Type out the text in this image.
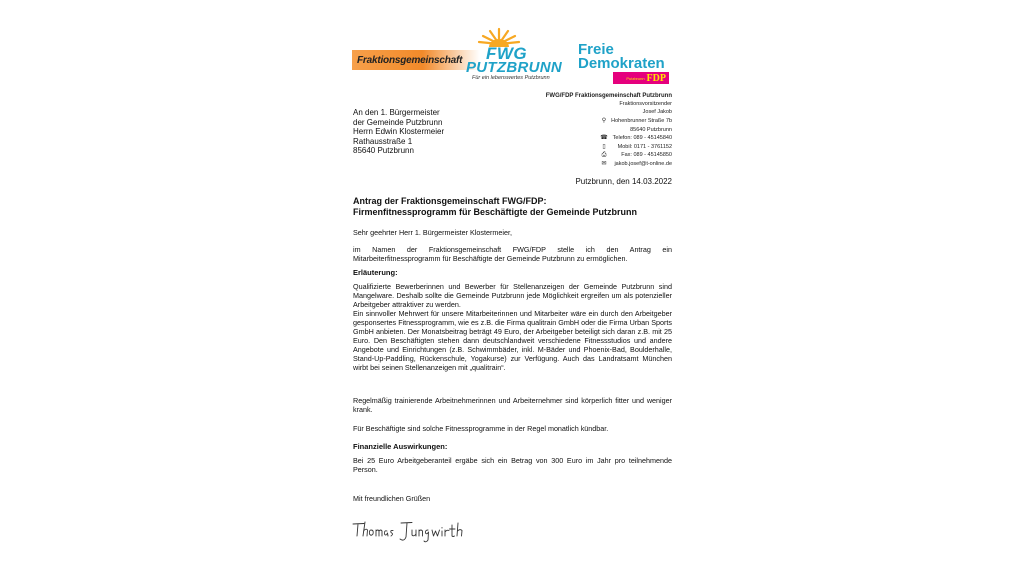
Fraktionsgemeinschaft FWG
PUTZBRUNN
Für ein lebenswertes Putzbrunn
Freie
Demokraten
Putzbrunn FDP
FWG/FDP Fraktionsgemeinschaft Putzbrunn
Fraktionsvorsitzender
Josef Jakob
⚲ Hohenbrunner Straße 7b
85640 Putzbrunn
☎ Telefon: 089 - 45145840
▯	Mobil: 0171 - 3761152
⎙	Fax: 089 - 45145850
✉	jakob.josef@t-online.de
An den 1. Bürgermeister
der Gemeinde Putzbrunn
Herrn Edwin Klostermeier
Rathausstraße 1
85640 Putzbrunn
Putzbrunn, den 14.03.2022
Antrag der Fraktionsgemeinschaft FWG/FDP:
Firmenfitnessprogramm für Beschäftigte der Gemeinde Putzbrunn
Sehr geehrter Herr 1. Bürgermeister Klostermeier,
im Namen der Fraktionsgemeinschaft FWG/FDP stelle ich den Antrag ein Mitarbeiterfitnessprogramm für Beschäftigte der Gemeinde Putzbrunn zu ermöglichen.
Erläuterung:
Qualifizierte Bewerberinnen und Bewerber für Stellenanzeigen der Gemeinde Putzbrunn sind Mangelware. Deshalb sollte die Gemeinde Putzbrunn jede Möglichkeit ergreifen um als potenzieller Arbeitgeber attraktiver zu werden.
Ein sinnvoller Mehrwert für unsere Mitarbeiterinnen und Mitarbeiter wäre ein durch den Arbeitgeber gesponsertes Fitnessprogramm, wie es z.B. die Firma qualitrain GmbH oder die Firma Urban Sports GmbH anbieten. Der Monatsbeitrag beträgt 49 Euro, der Arbeitgeber beteiligt sich daran z.B. mit 25 Euro. Den Beschäftigten stehen dann deutschlandweit verschiedene Fitnessstudios und andere Angebote und Einrichtungen (z.B. Schwimmbäder, inkl. M-Bäder und Phoenix-Bad, Boulderhalle, Stand-Up-Paddling, Rückenschule, Yogakurse) zur Verfügung. Auch das Landratsamt München wirbt bei seinen Stellenanzeigen mit „qualitrain“.
Regelmäßig trainierende Arbeitnehmerinnen und Arbeiternehmer sind körperlich fitter und weniger krank.
Für Beschäftigte sind solche Fitnessprogramme in der Regel monatlich kündbar.
Finanzielle Auswirkungen:
Bei 25 Euro Arbeitgeberanteil ergäbe sich ein Betrag von 300 Euro im Jahr pro teilnehmende Person.
Mit freundlichen Grüßen
